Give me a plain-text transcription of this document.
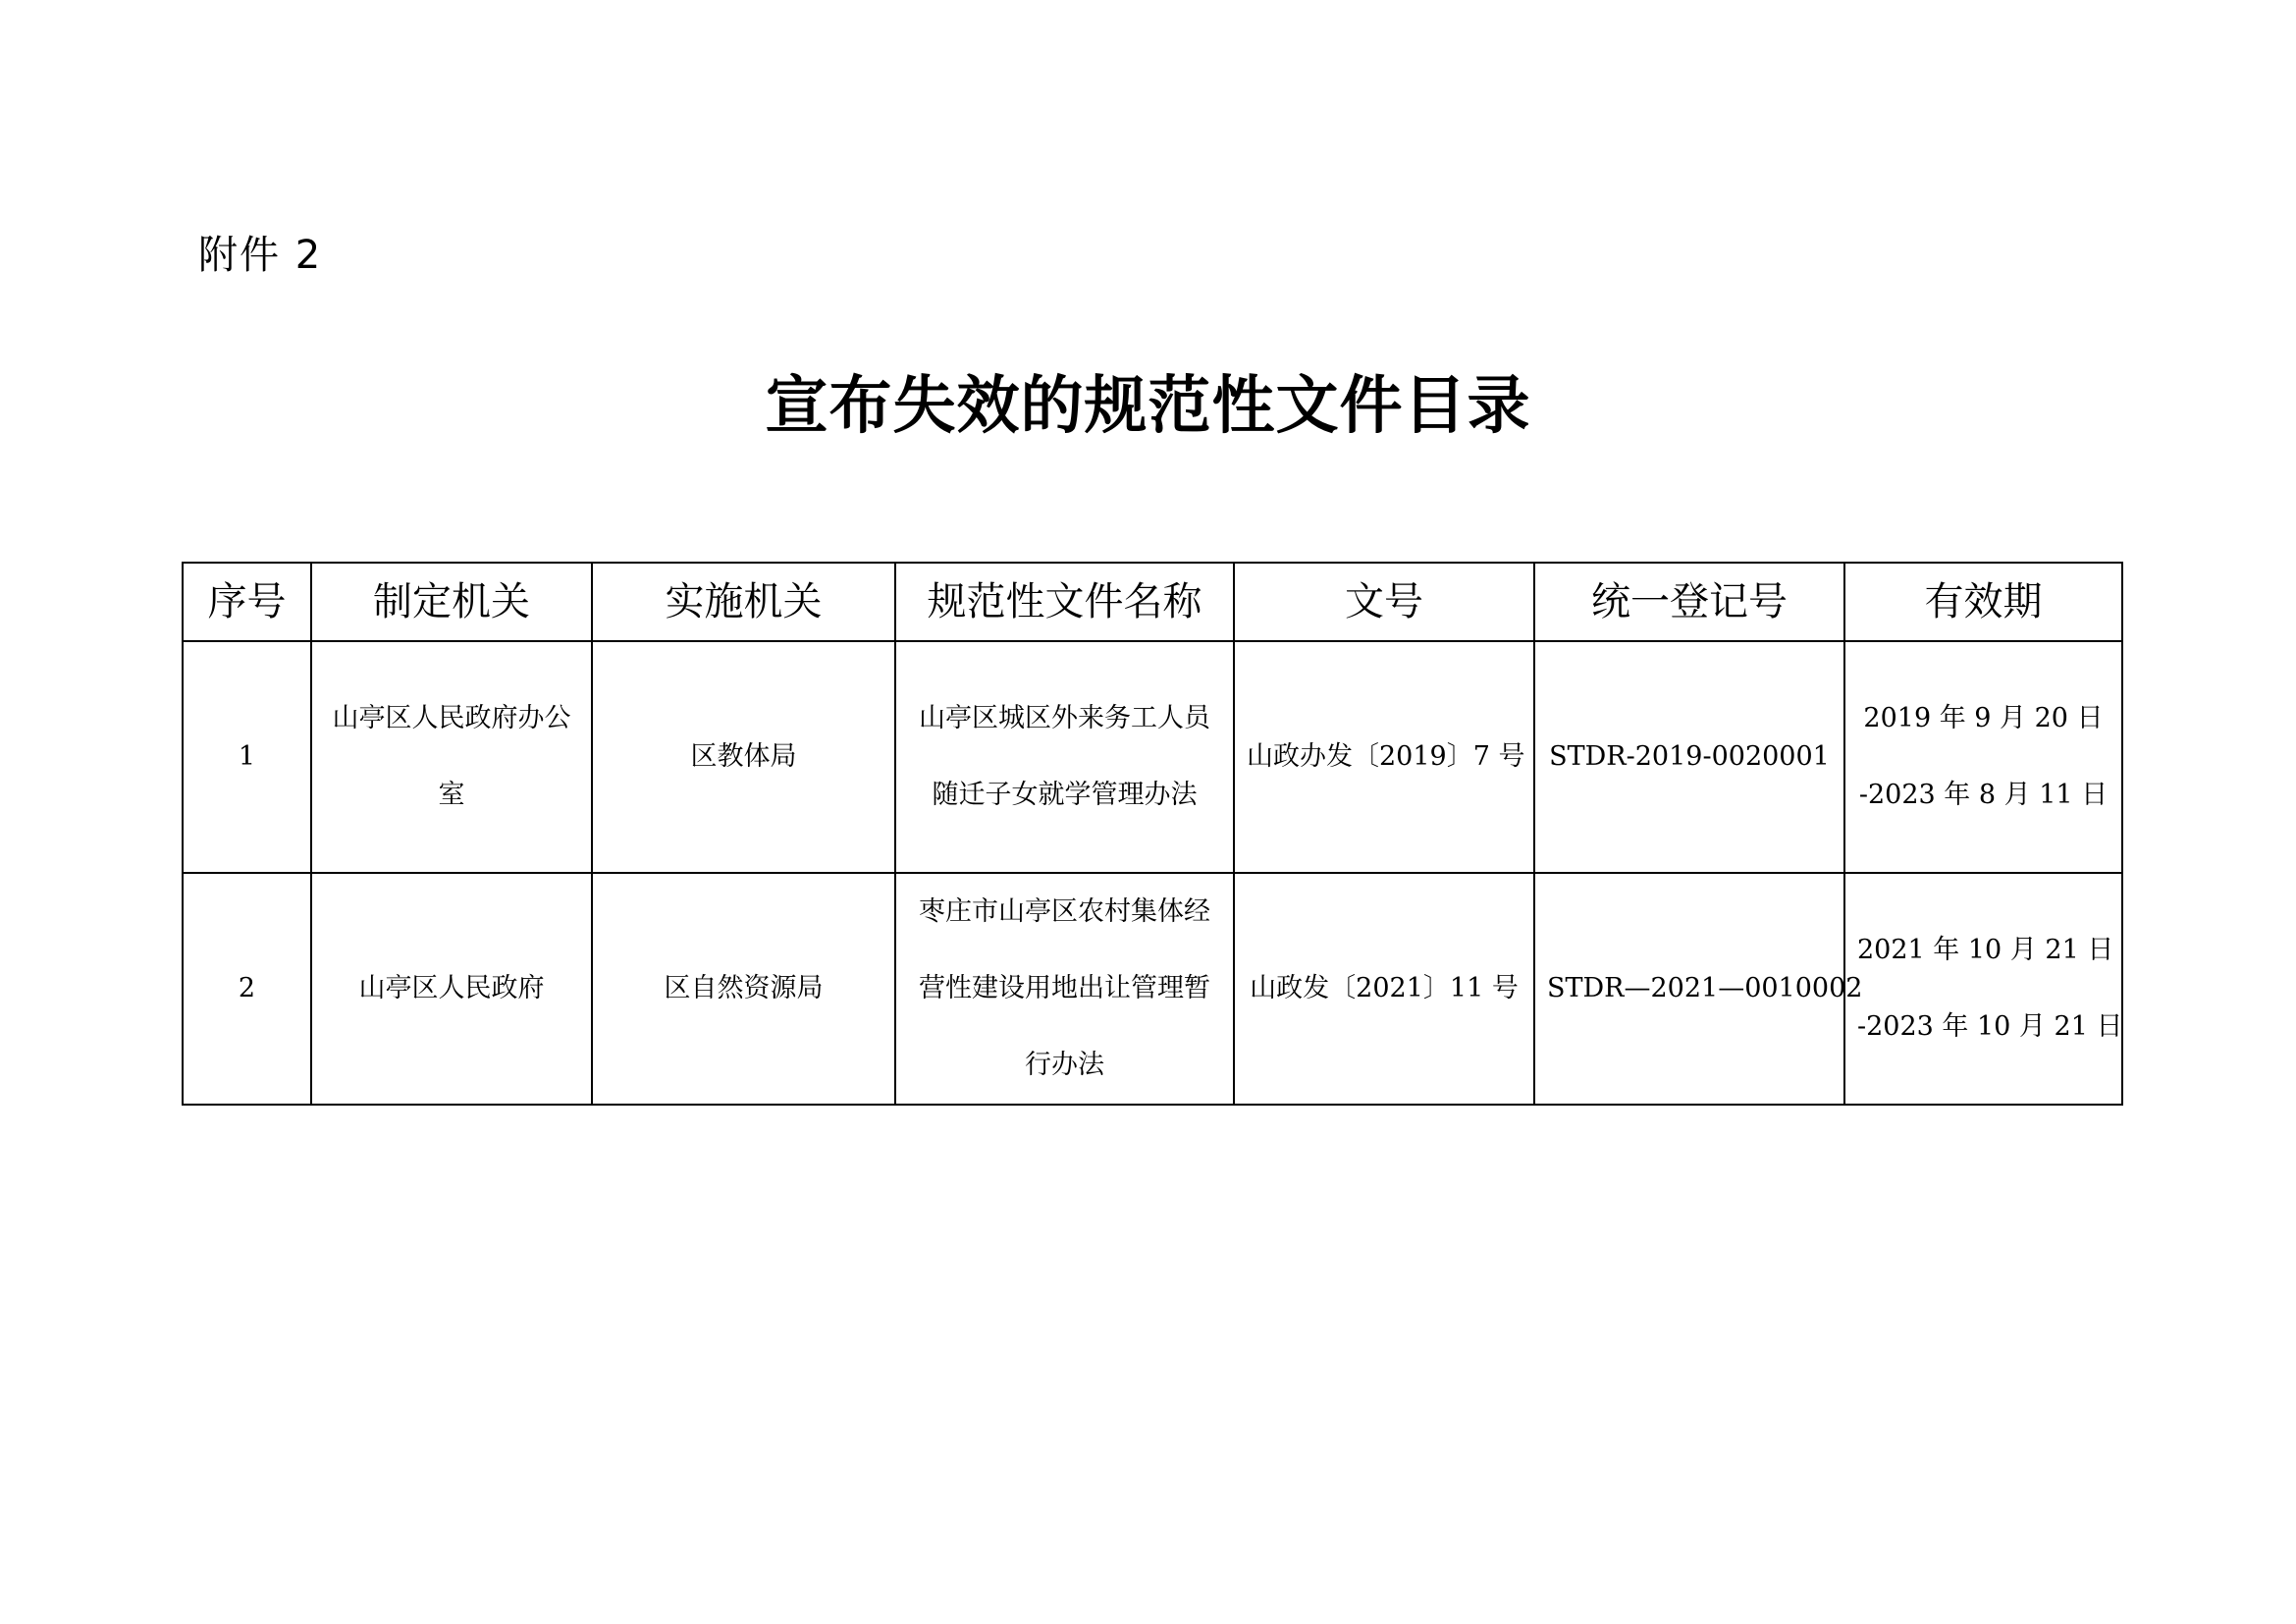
附件 2
宣布失效的规范性文件目录
序号	制定机关	实施机关	规范性文件名称	文号	统一登记号	有效期
1	山亭区人民政府办公室	区教体局	山亭区城区外来务工人员随迁子女就学管理办法	山政办发〔2019〕7 号	STDR-2019-0020001	2019 年 9 月 20 日
-2023 年 8 月 11 日

2	山亭区人民政府	区自然资源局	枣庄市山亭区农村集体经营性建设用地出让管理暂行办法	山政发〔2021〕11 号	STDR—2021—0010002	2021 年 10 月 21 日
-2023 年 10 月 21 日
